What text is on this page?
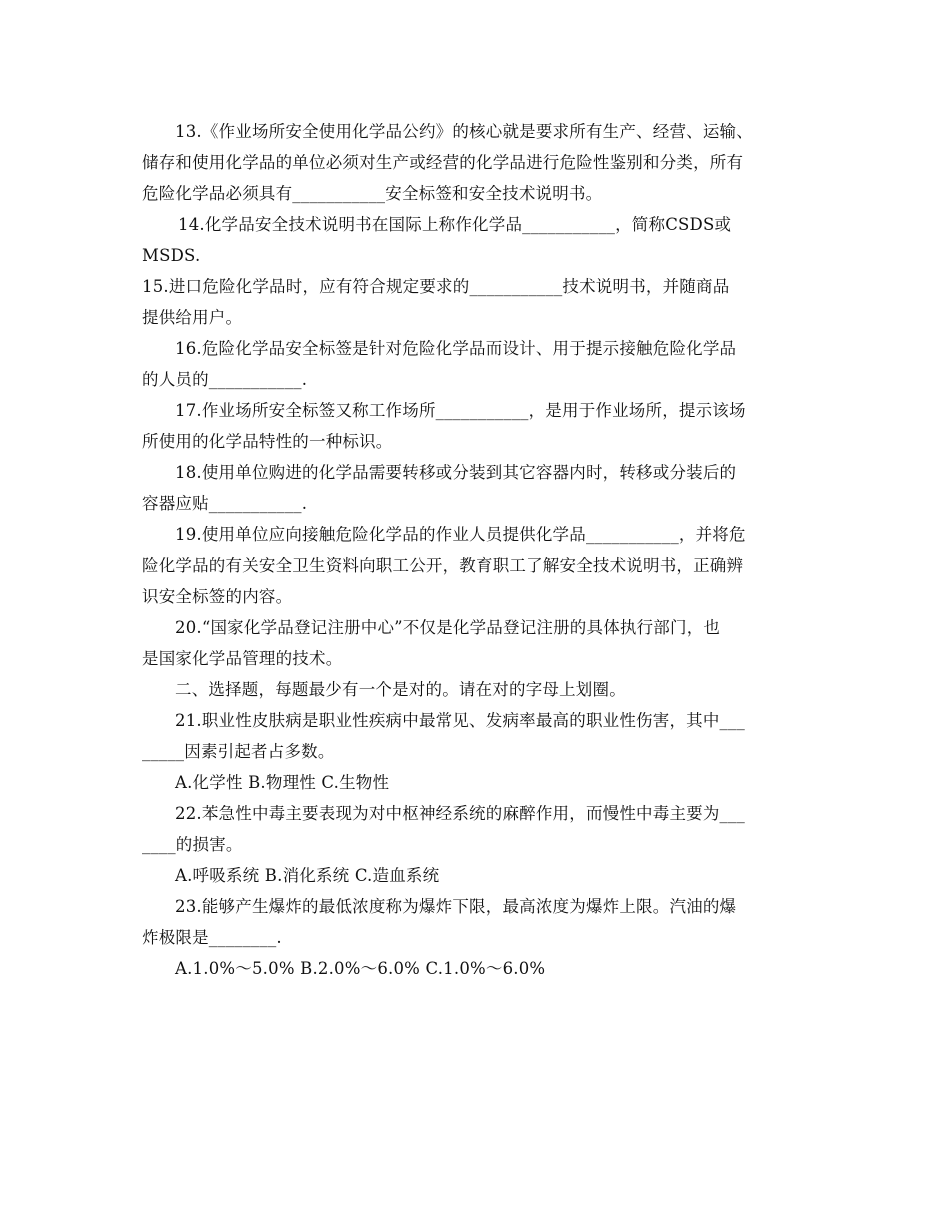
13.《作业场所安全使用化学品公约》的核心就是要求所有生产、经营、运输、
储存和使用化学品的单位必须对生产或经营的化学品进行危险性鉴别和分类，所有
危险化学品必须具有___________安全标签和安全技术说明书。
14.化学品安全技术说明书在国际上称作化学品___________，简称CSDS或
MSDS.
15.进口危险化学品时，应有符合规定要求的___________技术说明书，并随商品
提供给用户。
16.危险化学品安全标签是针对危险化学品而设计、用于提示接触危险化学品
的人员的___________.
17.作业场所安全标签又称工作场所___________，是用于作业场所，提示该场
所使用的化学品特性的一种标识。
18.使用单位购进的化学品需要转移或分装到其它容器内时，转移或分装后的
容器应贴___________.
19.使用单位应向接触危险化学品的作业人员提供化学品___________，并将危
险化学品的有关安全卫生资料向职工公开，教育职工了解安全技术说明书，正确辨
识安全标签的内容。
20.“国家化学品登记注册中心”不仅是化学品登记注册的具体执行部门，也
是国家化学品管理的技术。
二、选择题，每题最少有一个是对的。请在对的字母上划圈。
21.职业性皮肤病是职业性疾病中最常见、发病率最高的职业性伤害，其中___
_____因素引起者占多数。
A.化学性 B.物理性 C.生物性
22.苯急性中毒主要表现为对中枢神经系统的麻醉作用，而慢性中毒主要为___
____的损害。
A.呼吸系统 B.消化系统 C.造血系统
23.能够产生爆炸的最低浓度称为爆炸下限，最高浓度为爆炸上限。汽油的爆
炸极限是________.
A.1.0%～5.0% B.2.0%～6.0% C.1.0%～6.0%
